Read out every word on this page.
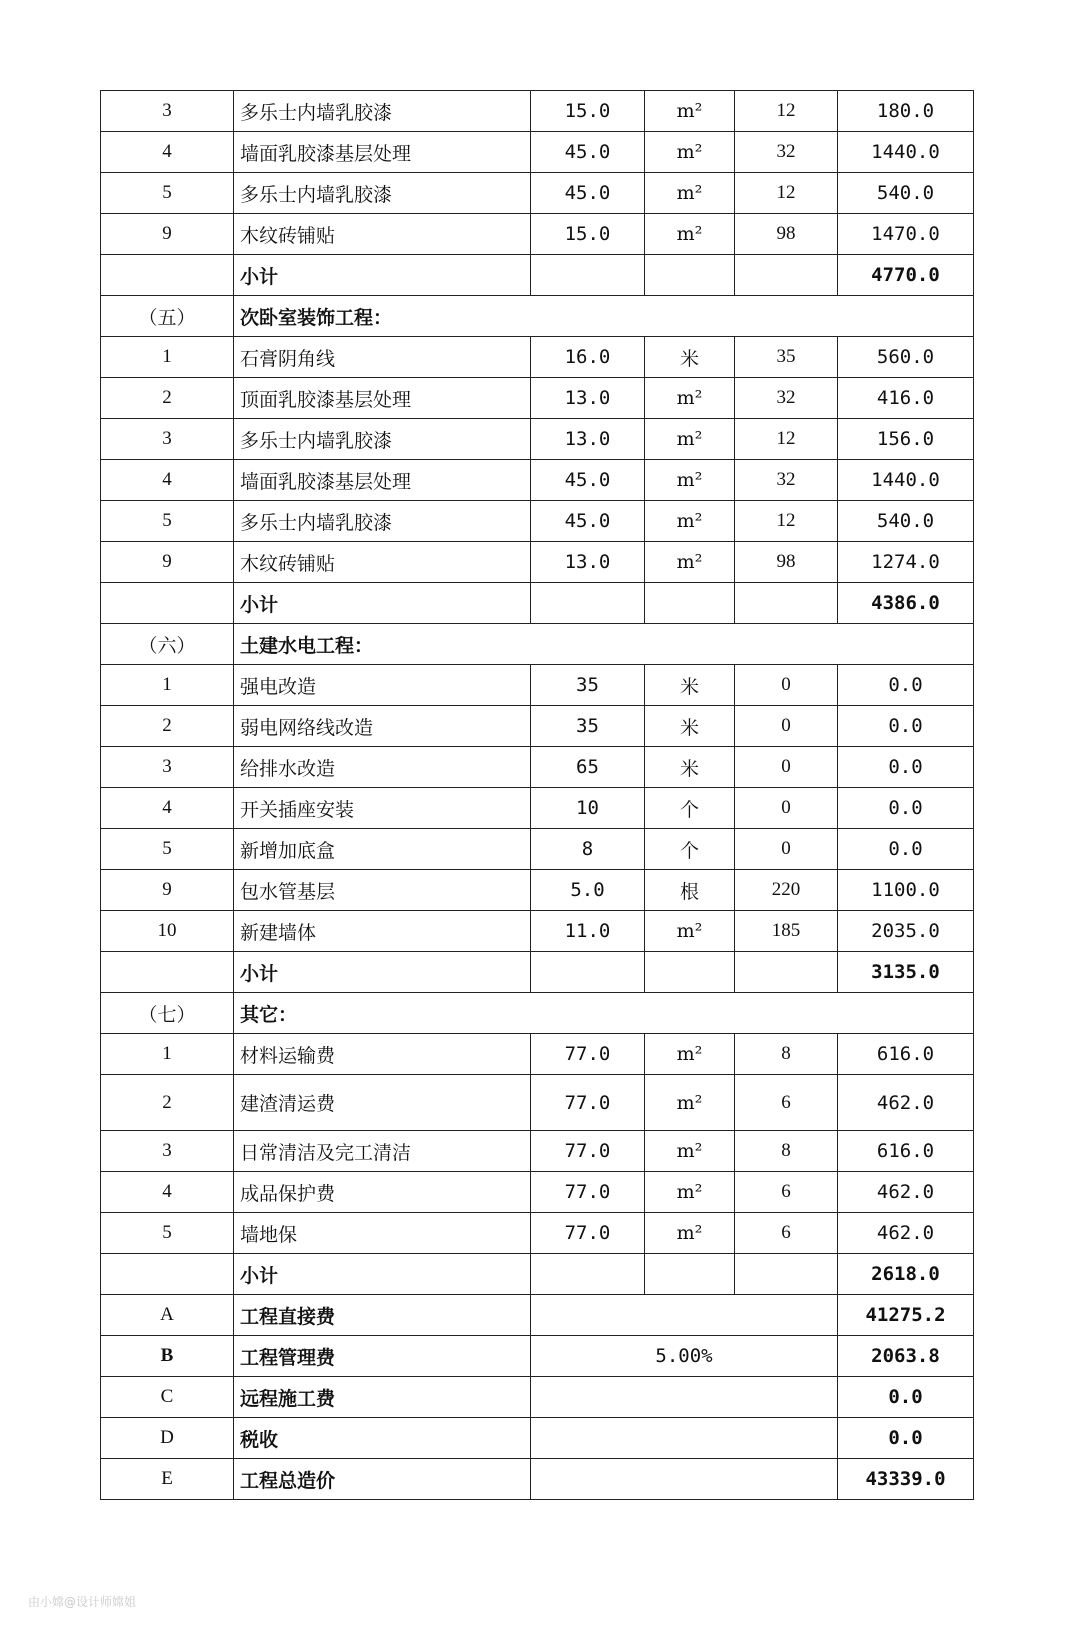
3	多乐士内墙乳胶漆	15.0	m²	12	180.0
4	墙面乳胶漆基层处理	45.0	m²	32	1440.0
5	多乐士内墙乳胶漆	45.0	m²	12	540.0
9	木纹砖铺贴	15.0	m²	98	1470.0
	小计				4770.0
（五）	次卧室装饰工程：				
1	石膏阴角线	16.0	米	35	560.0
2	顶面乳胶漆基层处理	13.0	m²	32	416.0
3	多乐士内墙乳胶漆	13.0	m²	12	156.0
4	墙面乳胶漆基层处理	45.0	m²	32	1440.0
5	多乐士内墙乳胶漆	45.0	m²	12	540.0
9	木纹砖铺贴	13.0	m²	98	1274.0
	小计				4386.0
（六）	土建水电工程：				
1	强电改造	35	米	0	0.0
2	弱电网络线改造	35	米	0	0.0
3	给排水改造	65	米	0	0.0
4	开关插座安装	10	个	0	0.0
5	新增加底盒	8	个	0	0.0
9	包水管基层	5.0	根	220	1100.0
10	新建墙体	11.0	m²	185	2035.0
	小计				3135.0
（七）	其它：				
1	材料运输费	77.0	m²	8	616.0
2	建渣清运费	77.0	m²	6	462.0
3	日常清洁及完工清洁	77.0	m²	8	616.0
4	成品保护费	77.0	m²	6	462.0
5	墙地保	77.0	m²	6	462.0
	小计				2618.0
A	工程直接费				41275.2
B	工程管理费	5.00%			2063.8
C	远程施工费				0.0
D	税收				0.0
E	工程总造价				43339.0
由小嫦@设计师嫦姐
